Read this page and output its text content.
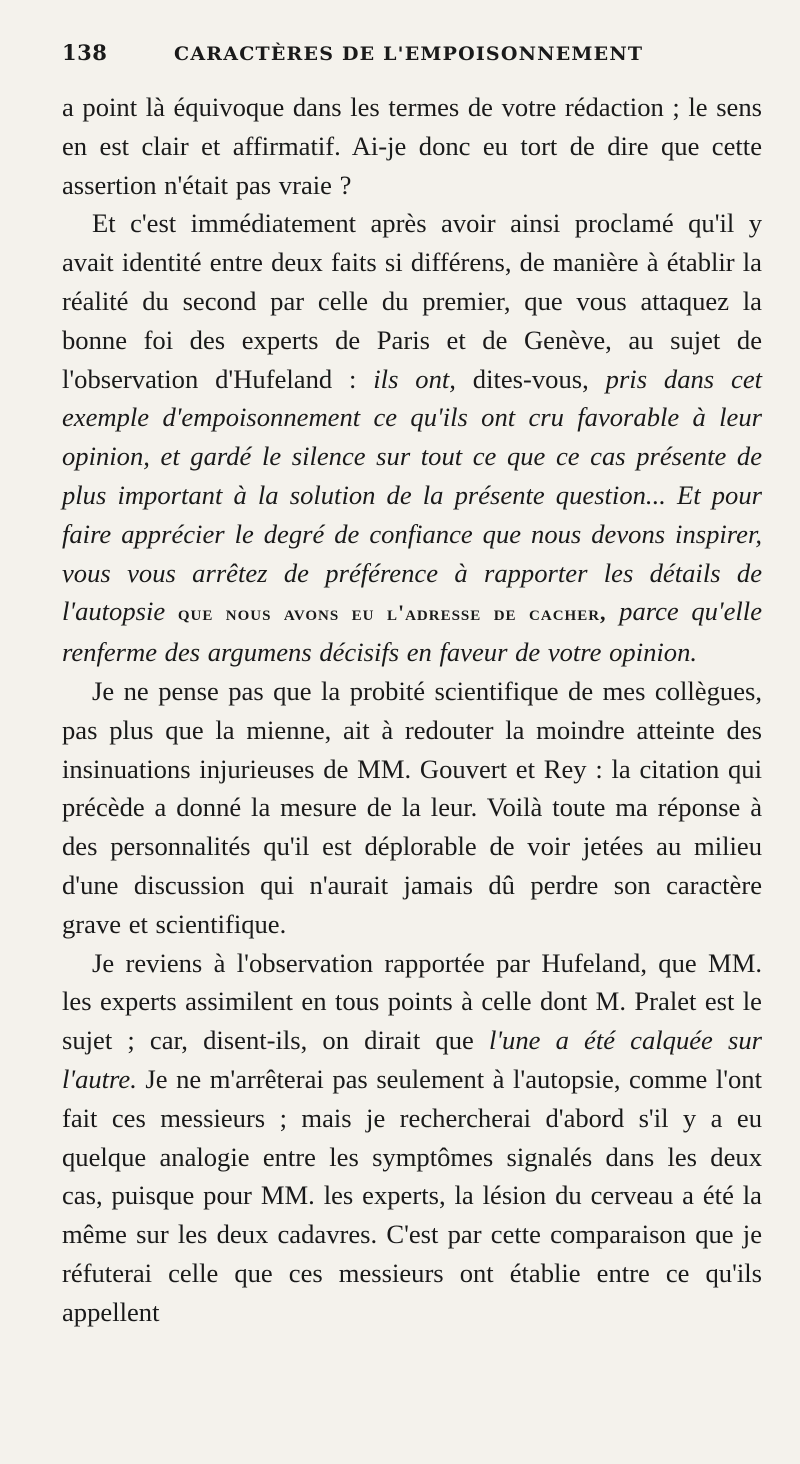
138	CARACTÈRES DE L'EMPOISONNEMENT

a point là équivoque dans les termes de votre rédaction ; le sens en est clair et affirmatif. Ai-je donc eu tort de dire que cette assertion n'était pas vraie ?

Et c'est immédiatement après avoir ainsi proclamé qu'il y avait identité entre deux faits si différens, de manière à établir la réalité du second par celle du premier, que vous attaquez la bonne foi des experts de Paris et de Genève, au sujet de l'observation d'Hufeland : ils ont, dites-vous, pris dans cet exemple d'empoisonnement ce qu'ils ont cru favorable à leur opinion, et gardé le silence sur tout ce que ce cas présente de plus important à la solution de la présente question... Et pour faire apprécier le degré de confiance que nous devons inspirer, vous vous arrêtez de préférence à rapporter les détails de l'autopsie que nous avons eu l'adresse de cacher, parce qu'elle renferme des argumens décisifs en faveur de votre opinion.

Je ne pense pas que la probité scientifique de mes collègues, pas plus que la mienne, ait à redouter la moindre atteinte des insinuations injurieuses de MM. Gouvert et Rey : la citation qui précède a donné la mesure de la leur. Voilà toute ma réponse à des personnalités qu'il est déplorable de voir jetées au milieu d'une discussion qui n'aurait jamais dû perdre son caractère grave et scientifique.

Je reviens à l'observation rapportée par Hufeland, que MM. les experts assimilent en tous points à celle dont M. Pralet est le sujet ; car, disent-ils, on dirait que l'une a été calquée sur l'autre. Je ne m'arrêterai pas seulement à l'autopsie, comme l'ont fait ces messieurs ; mais je rechercherai d'abord s'il y a eu quelque analogie entre les symptômes signalés dans les deux cas, puisque pour MM. les experts, la lésion du cerveau a été la même sur les deux cadavres. C'est par cette comparaison que je réfuterai celle que ces messieurs ont établie entre ce qu'ils appellent
